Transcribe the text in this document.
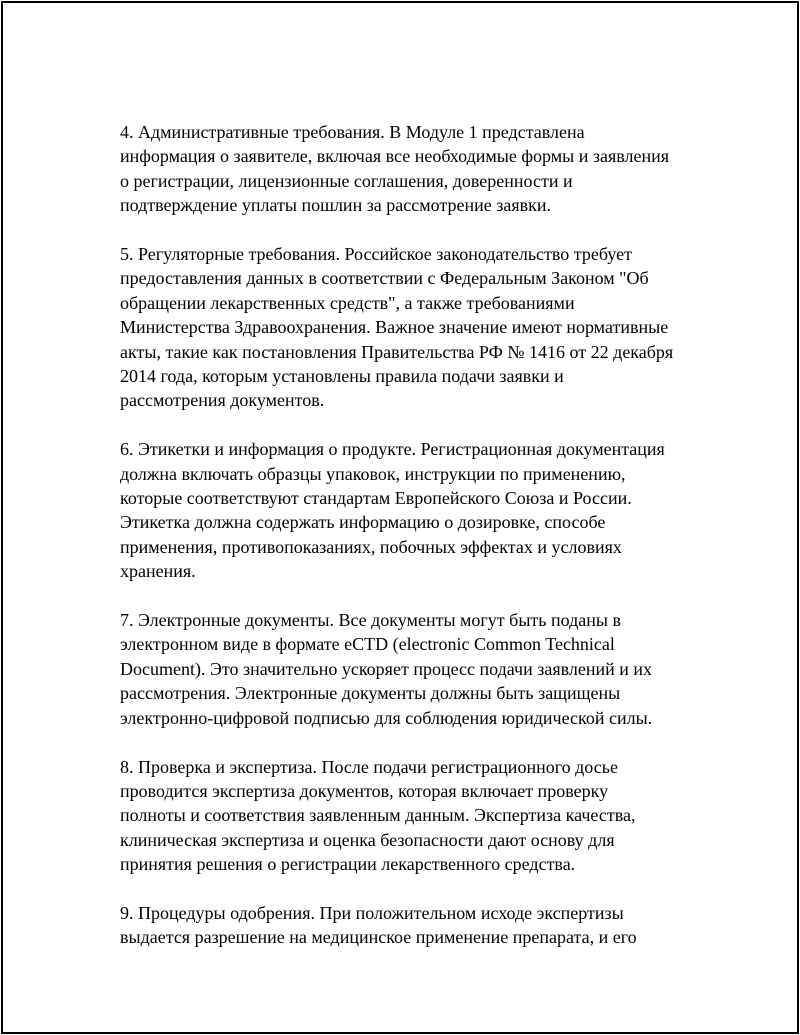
4. Административные требования. В Модуле 1 представлена
информация о заявителе, включая все необходимые формы и заявления
о регистрации, лицензионные соглашения, доверенности и
подтверждение уплаты пошлин за рассмотрение заявки.

5. Регуляторные требования. Российское законодательство требует
предоставления данных в соответствии с Федеральным Законом "Об
обращении лекарственных средств", а также требованиями
Министерства Здравоохранения. Важное значение имеют нормативные
акты, такие как постановления Правительства РФ № 1416 от 22 декабря
2014 года, которым установлены правила подачи заявки и
рассмотрения документов.

6. Этикетки и информация о продукте. Регистрационная документация
должна включать образцы упаковок, инструкции по применению,
которые соответствуют стандартам Европейского Союза и России.
Этикетка должна содержать информацию о дозировке, способе
применения, противопоказаниях, побочных эффектах и условиях
хранения.

7. Электронные документы. Все документы могут быть поданы в
электронном виде в формате eCTD (electronic Common Technical
Document). Это значительно ускоряет процесс подачи заявлений и их
рассмотрения. Электронные документы должны быть защищены
электронно-цифровой подписью для соблюдения юридической силы.

8. Проверка и экспертиза. После подачи регистрационного досье
проводится экспертиза документов, которая включает проверку
полноты и соответствия заявленным данным. Экспертиза качества,
клиническая экспертиза и оценка безопасности дают основу для
принятия решения о регистрации лекарственного средства.

9. Процедуры одобрения. При положительном исходе экспертизы
выдается разрешение на медицинское применение препарата, и его
